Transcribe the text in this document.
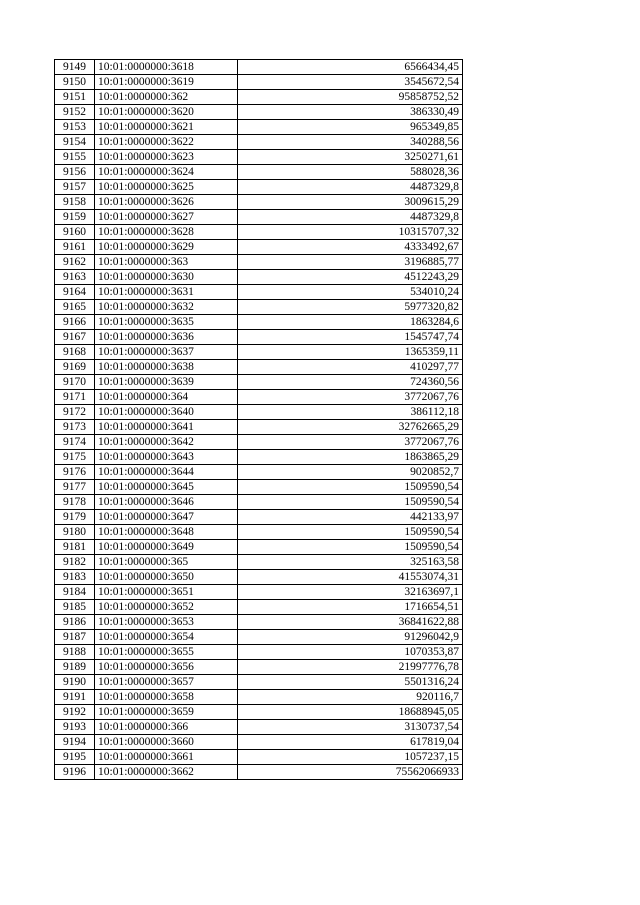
9149	10:01:0000000:3618	6566434,45
9150	10:01:0000000:3619	3545672,54
9151	10:01:0000000:362	95858752,52
9152	10:01:0000000:3620	386330,49
9153	10:01:0000000:3621	965349,85
9154	10:01:0000000:3622	340288,56
9155	10:01:0000000:3623	3250271,61
9156	10:01:0000000:3624	588028,36
9157	10:01:0000000:3625	4487329,8
9158	10:01:0000000:3626	3009615,29
9159	10:01:0000000:3627	4487329,8
9160	10:01:0000000:3628	10315707,32
9161	10:01:0000000:3629	4333492,67
9162	10:01:0000000:363	3196885,77
9163	10:01:0000000:3630	4512243,29
9164	10:01:0000000:3631	534010,24
9165	10:01:0000000:3632	5977320,82
9166	10:01:0000000:3635	1863284,6
9167	10:01:0000000:3636	1545747,74
9168	10:01:0000000:3637	1365359,11
9169	10:01:0000000:3638	410297,77
9170	10:01:0000000:3639	724360,56
9171	10:01:0000000:364	3772067,76
9172	10:01:0000000:3640	386112,18
9173	10:01:0000000:3641	32762665,29
9174	10:01:0000000:3642	3772067,76
9175	10:01:0000000:3643	1863865,29
9176	10:01:0000000:3644	9020852,7
9177	10:01:0000000:3645	1509590,54
9178	10:01:0000000:3646	1509590,54
9179	10:01:0000000:3647	442133,97
9180	10:01:0000000:3648	1509590,54
9181	10:01:0000000:3649	1509590,54
9182	10:01:0000000:365	325163,58
9183	10:01:0000000:3650	41553074,31
9184	10:01:0000000:3651	32163697,1
9185	10:01:0000000:3652	1716654,51
9186	10:01:0000000:3653	36841622,88
9187	10:01:0000000:3654	91296042,9
9188	10:01:0000000:3655	1070353,87
9189	10:01:0000000:3656	21997776,78
9190	10:01:0000000:3657	5501316,24
9191	10:01:0000000:3658	920116,7
9192	10:01:0000000:3659	18688945,05
9193	10:01:0000000:366	3130737,54
9194	10:01:0000000:3660	617819,04
9195	10:01:0000000:3661	1057237,15
9196	10:01:0000000:3662	75562066933
